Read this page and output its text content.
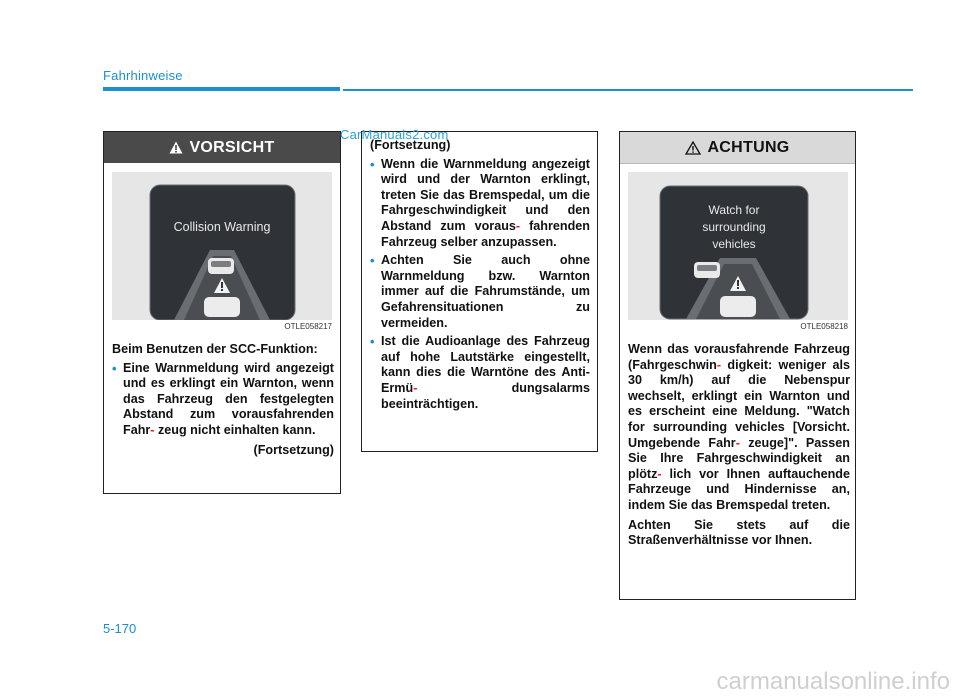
Fahrhinweise
VORSICHT
Collision Warning
OTLE058217

Beim Benutzen der SCC-Funktion:

• Eine Warnmeldung wird angezeigt und es erklingt ein Warnton, wenn das Fahrzeug den festgelegten Abstand zum vorausfahrenden Fahr- zeug nicht einhalten kann.

(Fortsetzung)

(Fortsetzung)

• Wenn die Warnmeldung angezeigt wird und der Warnton erklingt, treten Sie das Bremspedal, um die Fahrgeschwindigkeit und den Abstand zum voraus- fahrenden Fahrzeug selber anzupassen.
• Achten Sie auch ohne Warnmeldung bzw. Warnton immer auf die Fahrumstände, um Gefahrensituationen zu vermeiden.
• Ist die Audioanlage des Fahrzeug auf hohe Lautstärke eingestellt, kann dies die Warntöne des Anti-Ermü- dungsalarms beeinträchtigen.
CarManuals2.com
ACHTUNG
Watch for
surrounding
vehicles
OTLE058218

Wenn das vorausfahrende Fahrzeug (Fahrgeschwin- digkeit: weniger als 30 km/h) auf die Nebenspur wechselt, erklingt ein Warnton und es erscheint eine Meldung. "Watch for surrounding vehicles [Vorsicht. Umgebende Fahr- zeuge]". Passen Sie Ihre Fahrgeschwindigkeit an plötz- lich vor Ihnen auftauchende Fahrzeuge und Hindernisse an, indem Sie das Bremspedal treten.

Achten Sie stets auf die Straßenverhältnisse vor Ihnen.

5-170
carmanualsonline.info
